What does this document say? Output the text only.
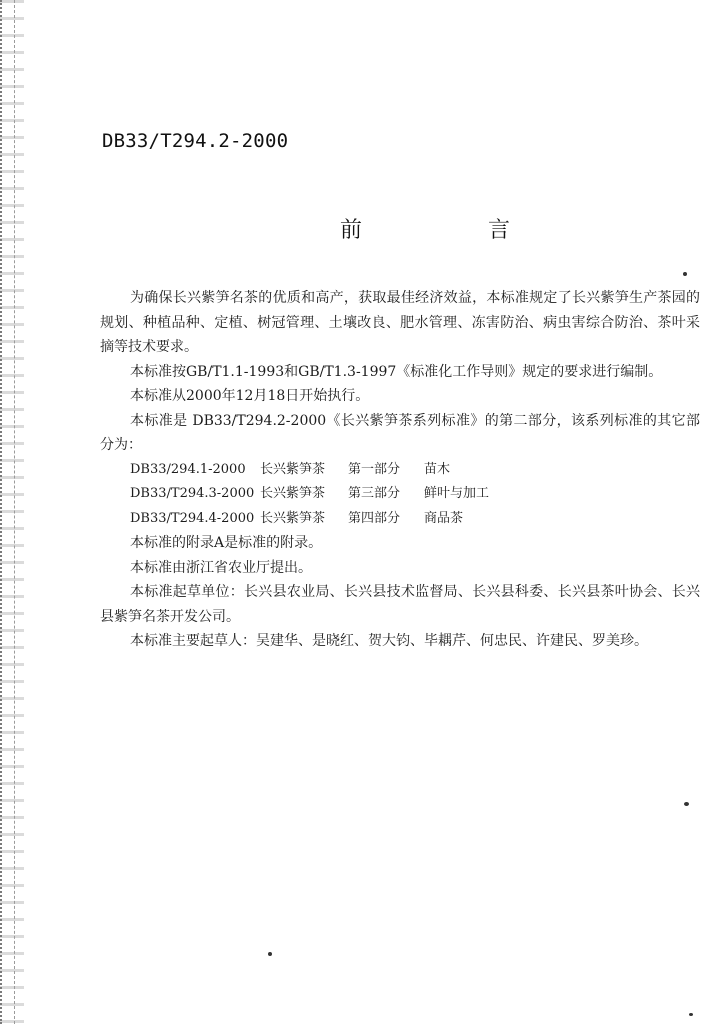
DB33/T294.2-2000
前　言

为确保长兴紫笋名茶的优质和高产，获取最佳经济效益，本标准规定了长兴紫笋生产茶园的规划、种植品种、定植、树冠管理、土壤改良、肥水管理、冻害防治、病虫害综合防治、茶叶采摘等技术要求。

本标准按GB/T1.1-1993和GB/T1.3-1997《标准化工作导则》规定的要求进行编制。

本标准从2000年12月18日开始执行。

本标准是 DB33/T294.2-2000《长兴紫笋茶系列标准》的第二部分，该系列标准的其它部分为：

DB33/294.1-2000 长兴紫笋茶 第一部分 苗木

DB33/T294.3-2000 长兴紫笋茶 第三部分 鲜叶与加工

DB33/T294.4-2000 长兴紫笋茶 第四部分 商品茶

本标准的附录A是标准的附录。

本标准由浙江省农业厅提出。

本标准起草单位：长兴县农业局、长兴县技术监督局、长兴县科委、长兴县茶叶协会、长兴县紫笋名茶开发公司。

本标准主要起草人：吴建华、是晓红、贺大钧、毕耦芹、何忠民、许建民、罗美珍。
